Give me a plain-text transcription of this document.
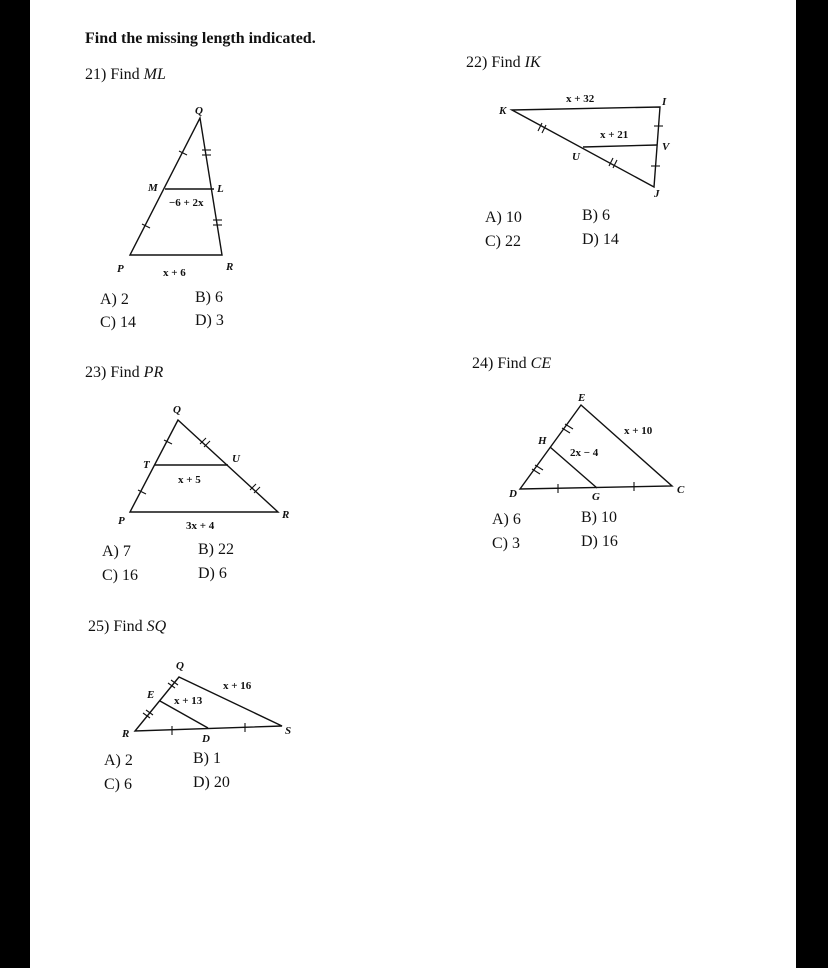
Find the missing length indicated.
21) Find ML
Q
M	L
P	R
−6 + 2x
x + 6
A) 2	B) 6
C) 14	D) 3
22) Find IK
K
I
U
V
J
x + 32
x + 21
A) 10	B) 6
C) 22	D) 14
23) Find PR
Q
T	U
P	R
x + 5
3x + 4
A) 7	B) 22
C) 16	D) 6
24) Find CE
E
H
D	G
C
x + 10
2x − 4
A) 6	B) 10
C) 3	D) 16
25) Find SQ
Q
E
R	D
S
x + 16
x + 13
A) 2	B) 1
C) 6	D) 20
